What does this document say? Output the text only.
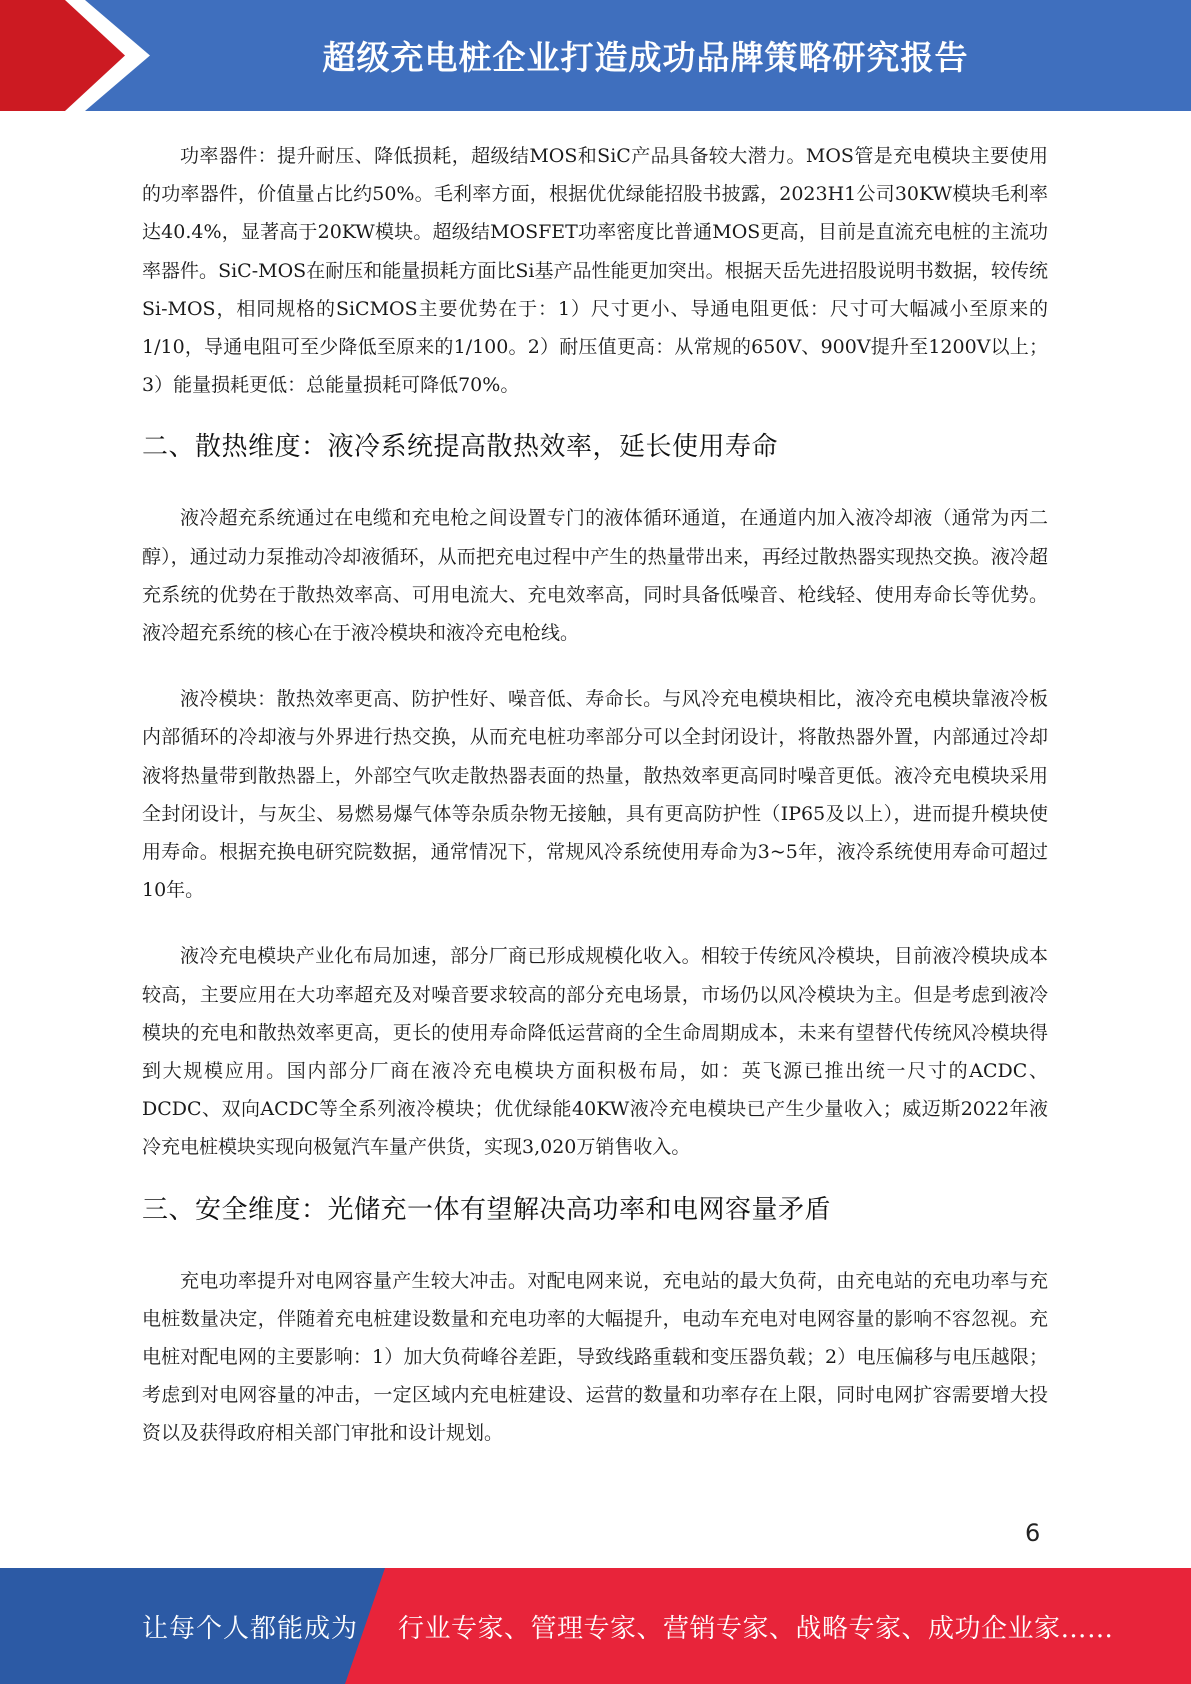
超级充电桩企业打造成功品牌策略研究报告

功率器件：提升耐压、降低损耗，超级结MOS和SiC产品具备较大潜力。MOS管是充电模块主要使用的功率器件，价值量占比约50%。毛利率方面，根据优优绿能招股书披露，2023H1公司30KW模块毛利率达40.4%，显著高于20KW模块。超级结MOSFET功率密度比普通MOS更高，目前是直流充电桩的主流功率器件。SiC-MOS在耐压和能量损耗方面比Si基产品性能更加突出。根据天岳先进招股说明书数据，较传统Si-MOS，相同规格的SiCMOS主要优势在于：1）尺寸更小、导通电阻更低：尺寸可大幅减小至原来的1/10，导通电阻可至少降低至原来的1/100。2）耐压值更高：从常规的650V、900V提升至1200V以上；3）能量损耗更低：总能量损耗可降低70%。

二、散热维度：液冷系统提高散热效率，延长使用寿命

液冷超充系统通过在电缆和充电枪之间设置专门的液体循环通道，在通道内加入液冷却液（通常为丙二醇），通过动力泵推动冷却液循环，从而把充电过程中产生的热量带出来，再经过散热器实现热交换。液冷超充系统的优势在于散热效率高、可用电流大、充电效率高，同时具备低噪音、枪线轻、使用寿命长等优势。液冷超充系统的核心在于液冷模块和液冷充电枪线。

液冷模块：散热效率更高、防护性好、噪音低、寿命长。与风冷充电模块相比，液冷充电模块靠液冷板内部循环的冷却液与外界进行热交换，从而充电桩功率部分可以全封闭设计，将散热器外置，内部通过冷却液将热量带到散热器上，外部空气吹走散热器表面的热量，散热效率更高同时噪音更低。液冷充电模块采用全封闭设计，与灰尘、易燃易爆气体等杂质杂物无接触，具有更高防护性（IP65及以上），进而提升模块使用寿命。根据充换电研究院数据，通常情况下，常规风冷系统使用寿命为3~5年，液冷系统使用寿命可超过10年。

液冷充电模块产业化布局加速，部分厂商已形成规模化收入。相较于传统风冷模块，目前液冷模块成本较高，主要应用在大功率超充及对噪音要求较高的部分充电场景，市场仍以风冷模块为主。但是考虑到液冷模块的充电和散热效率更高，更长的使用寿命降低运营商的全生命周期成本，未来有望替代传统风冷模块得到大规模应用。国内部分厂商在液冷充电模块方面积极布局，如：英飞源已推出统一尺寸的ACDC、DCDC、双向ACDC等全系列液冷模块；优优绿能40KW液冷充电模块已产生少量收入；威迈斯2022年液冷充电桩模块实现向极氪汽车量产供货，实现3,020万销售收入。

三、安全维度：光储充一体有望解决高功率和电网容量矛盾

充电功率提升对电网容量产生较大冲击。对配电网来说，充电站的最大负荷，由充电站的充电功率与充电桩数量决定，伴随着充电桩建设数量和充电功率的大幅提升，电动车充电对电网容量的影响不容忽视。充电桩对配电网的主要影响：1）加大负荷峰谷差距，导致线路重载和变压器负载；2）电压偏移与电压越限；考虑到对电网容量的冲击，一定区域内充电桩建设、运营的数量和功率存在上限，同时电网扩容需要增大投资以及获得政府相关部门审批和设计规划。

6
让每个人都能成为 行业专家、管理专家、营销专家、战略专家、成功企业家……
